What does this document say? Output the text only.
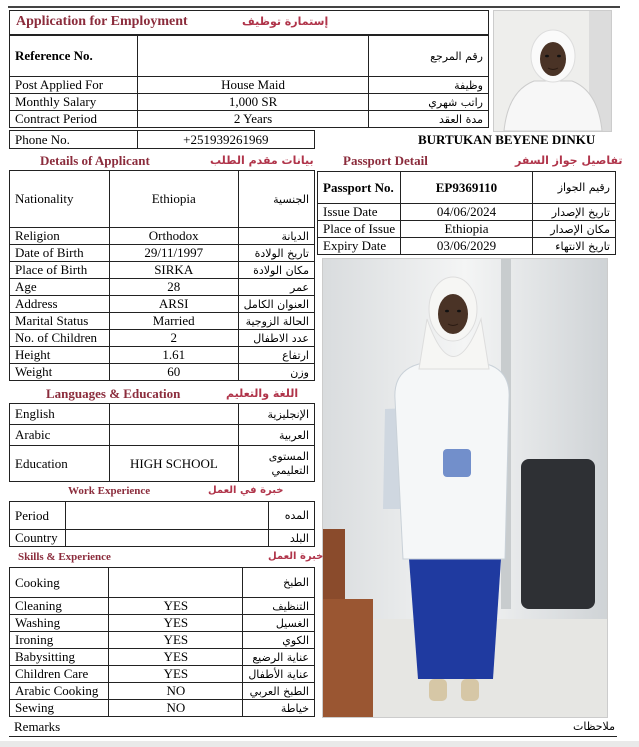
Application for Employment	إستمارة توظيف
Reference No.		رقم المرجع
Post Applied For	House Maid	وظيفة
Monthly Salary	1,000 SR	راتب شهري
Contract Period	2 Years	مدة العقد
Phone No.	+251939261969	BURTUKAN BEYENE DINKU
Details of Applicant	بيانات مقدم الطلب
Nationality	Ethiopia	الجنسية
Religion	Orthodox	الديانة
Date of Birth	29/11/1997	تاريخ الولادة
Place of Birth	SIRKA	مكان الولادة
Age	28	عمر
Address	ARSI	العنوان الكامل
Marital Status	Married	الحالة الزوجية
No. of Children	2	عدد الاطفال
Height	1.61	ارتفاع
Weight	60	وزن
Passport Detail	تفاصيل جواز السفر
Passport No.	EP9369110	رقيم الجواز
Issue Date	04/06/2024	تاريخ الإصدار
Place of Issue	Ethiopia	مكان الإصدار
Expiry Date	03/06/2029	تاريخ الانتهاء
Languages & Education	اللغة والتعليم
English		الإنجليزية
Arabic		العربية
Education	HIGH SCHOOL	المستوى التعليمي
Work Experience	خبرة في العمل
Period		المده
Country		البلد
Skills & Experience	خبرة العمل
Cooking		الطبخ
Cleaning	YES	التنظيف
Washing	YES	الغسيل
Ironing	YES	الكوي
Babysitting	YES	عناية الرضيع
Children Care	YES	عناية الأطفال
Arabic Cooking	NO	الطبخ العربي
Sewing	NO	خياطة
Remarks	ملاحظات
